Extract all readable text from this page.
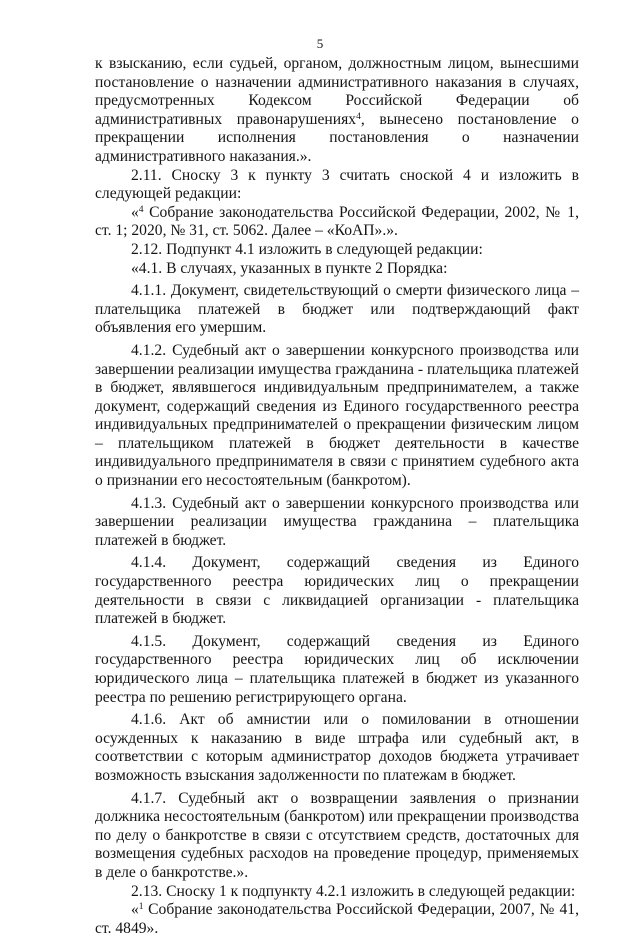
5

к взысканию, если судьей, органом, должностным лицом, вынесшими постановление о назначении административного наказания в случаях, предусмотренных Кодексом Российской Федерации об административных правонарушениях$^4$, вынесено постановление о прекращении исполнения постановления о назначении административного наказания.».

2.11. Сноску 3 к пункту 3 считать сноской 4 и изложить в следующей редакции:

«$^4$ Собрание законодательства Российской Федерации, 2002, № 1, ст. 1; 2020, № 31, ст. 5062. Далее – «КоАП».».

2.12. Подпункт 4.1 изложить в следующей редакции:

«4.1. В случаях, указанных в пункте 2 Порядка:

4.1.1. Документ, свидетельствующий о смерти физического лица – плательщика платежей в бюджет или подтверждающий факт объявления его умершим.

4.1.2. Судебный акт о завершении конкурсного производства или завершении реализации имущества гражданина - плательщика платежей в бюджет, являвшегося индивидуальным предпринимателем, а также документ, содержащий сведения из Единого государственного реестра индивидуальных предпринимателей о прекращении физическим лицом – плательщиком платежей в бюджет деятельности в качестве индивидуального предпринимателя в связи с принятием судебного акта о признании его несостоятельным (банкротом).

4.1.3. Судебный акт о завершении конкурсного производства или завершении реализации имущества гражданина – плательщика платежей в бюджет.

4.1.4. Документ, содержащий сведения из Единого государственного реестра юридических лиц о прекращении деятельности в связи с ликвидацией организации - плательщика платежей в бюджет.

4.1.5. Документ, содержащий сведения из Единого государственного реестра юридических лиц об исключении юридического лица – плательщика платежей в бюджет из указанного реестра по решению регистрирующего органа.

4.1.6. Акт об амнистии или о помиловании в отношении осужденных к наказанию в виде штрафа или судебный акт, в соответствии с которым администратор доходов бюджета утрачивает возможность взыскания задолженности по платежам в бюджет.

4.1.7. Судебный акт о возвращении заявления о признании должника несостоятельным (банкротом) или прекращении производства по делу о банкротстве в связи с отсутствием средств, достаточных для возмещения судебных расходов на проведение процедур, применяемых в деле о банкротстве.».

2.13. Сноску 1 к подпункту 4.2.1 изложить в следующей редакции:

«$^1$ Собрание законодательства Российской Федерации, 2007, № 41, ст. 4849».
